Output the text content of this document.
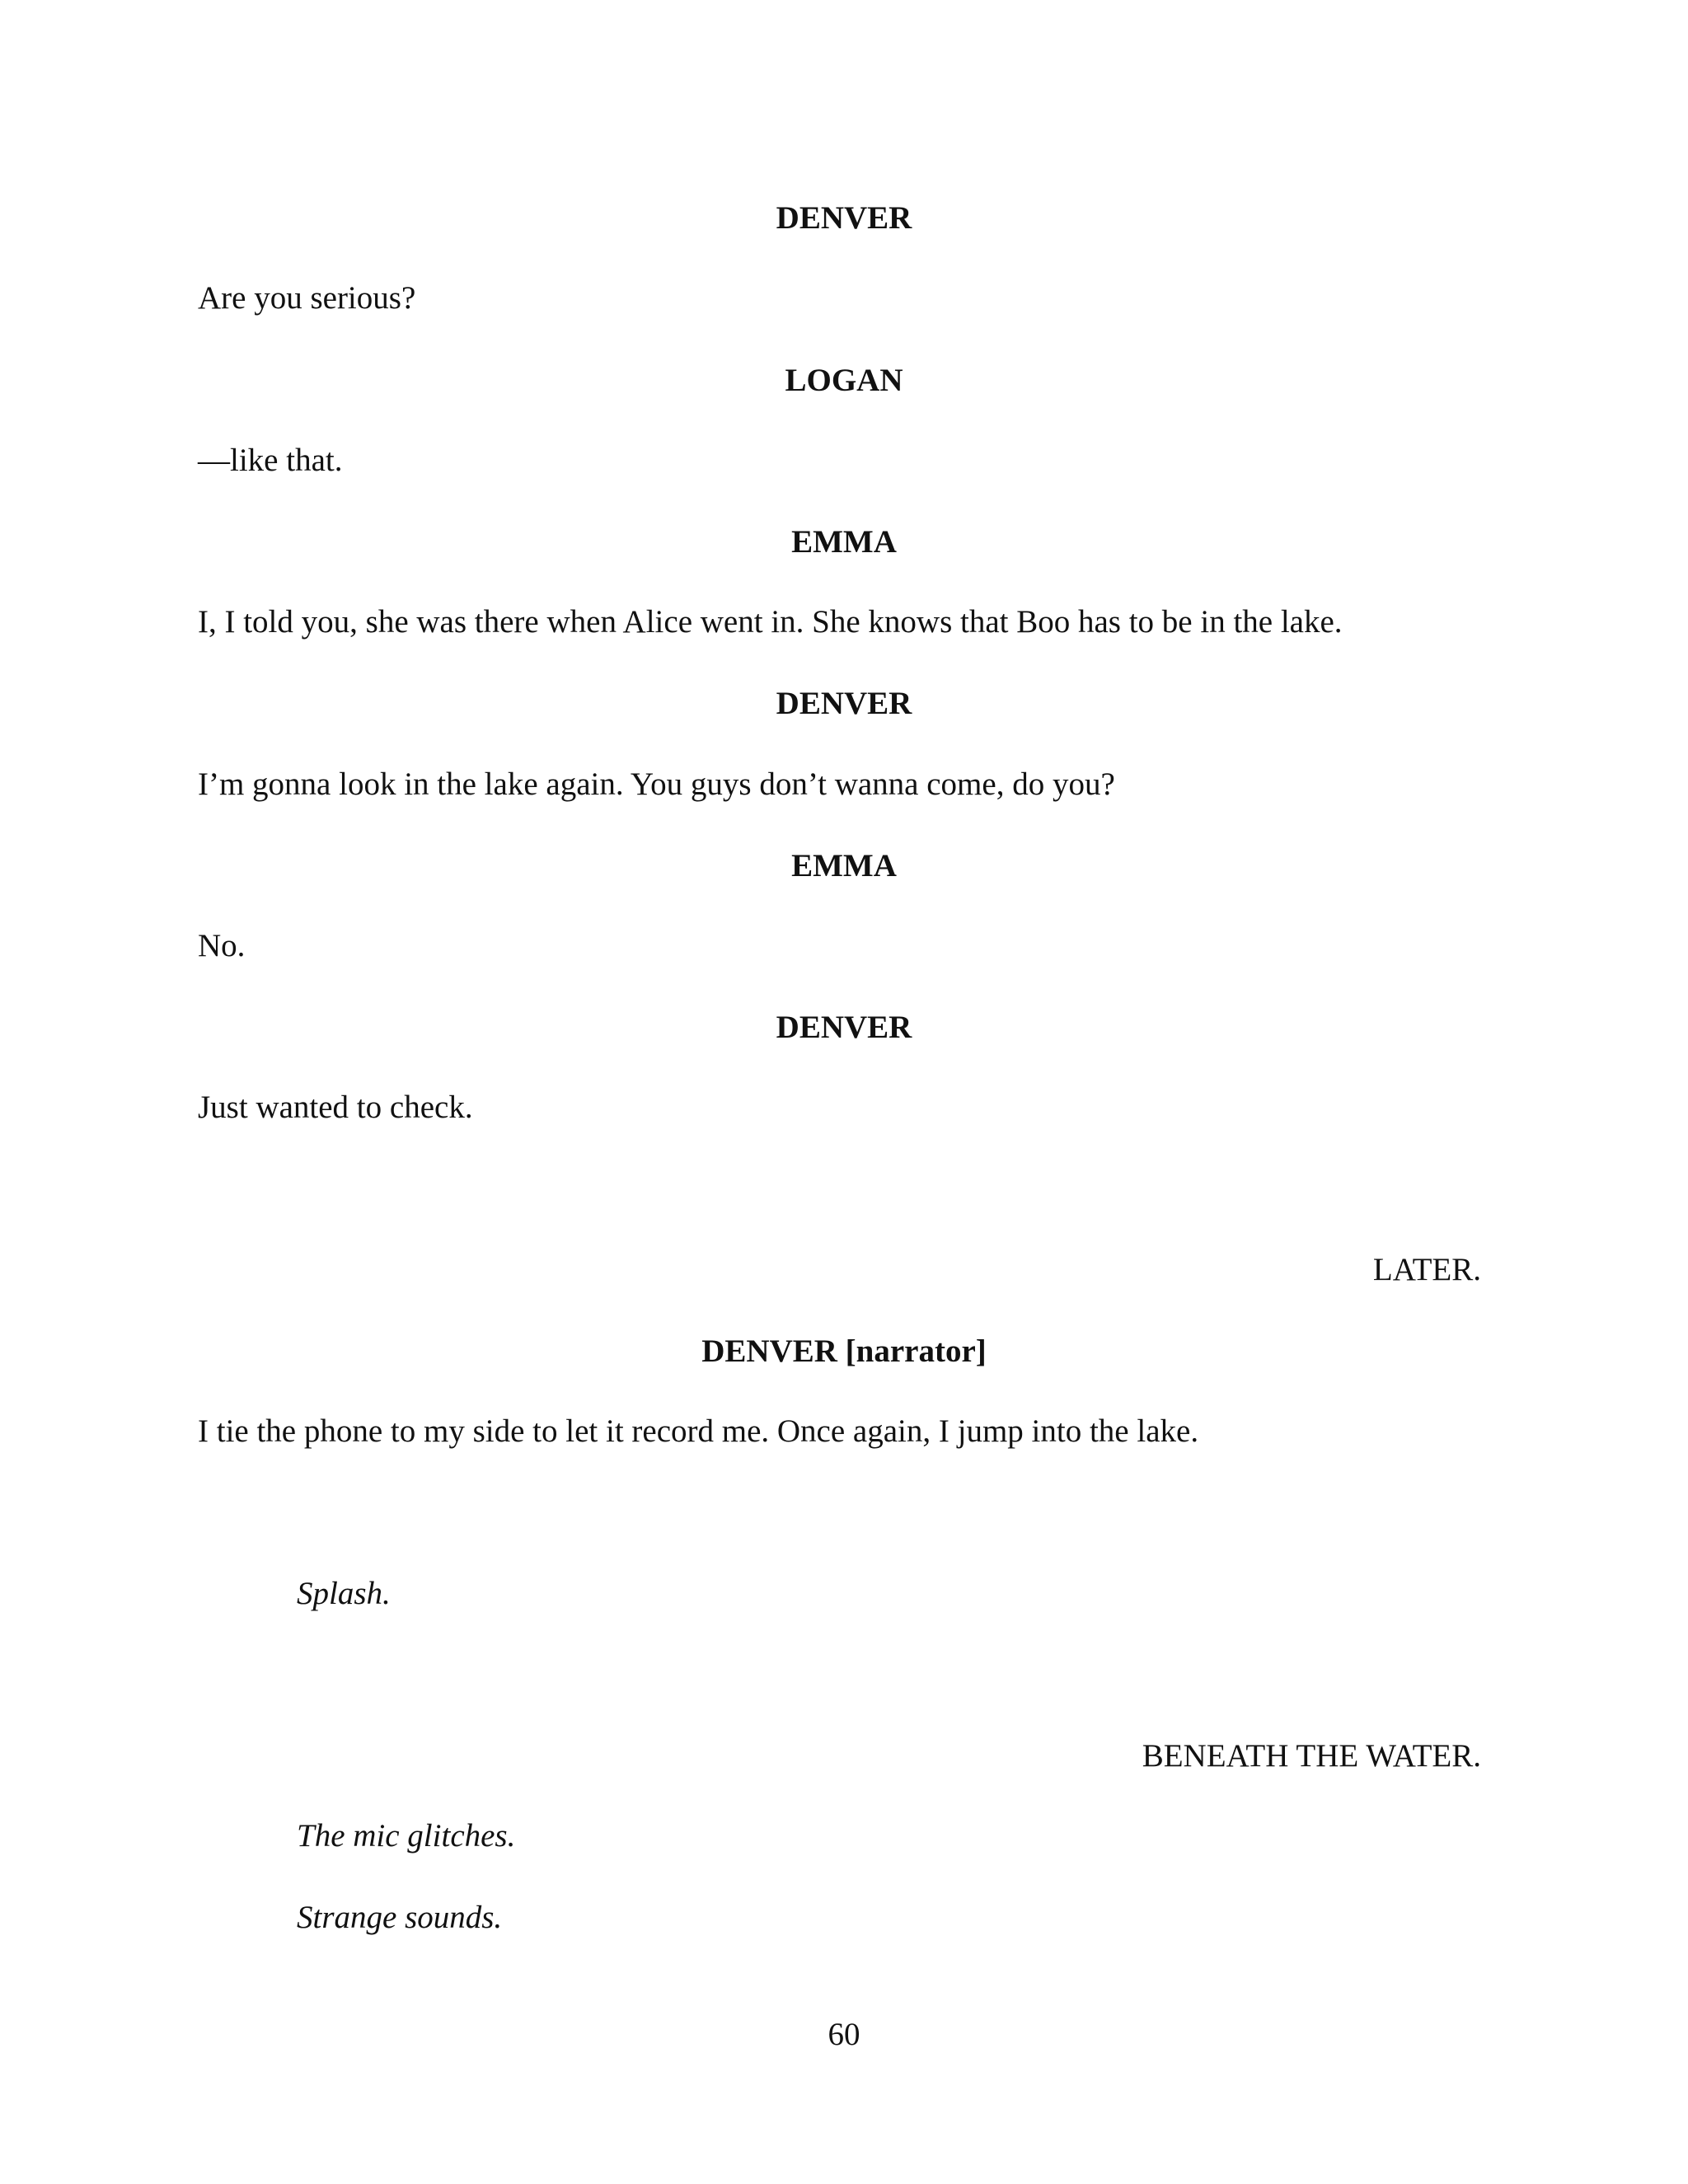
DENVER
Are you serious?
LOGAN
—like that.
EMMA
I, I told you, she was there when Alice went in. She knows that Boo has to be in the lake.
DENVER
I’m gonna look in the lake again. You guys don’t wanna come, do you?
EMMA
No.
DENVER
Just wanted to check.
LATER.
DENVER [narrator]
I tie the phone to my side to let it record me. Once again, I jump into the lake.
Splash.
BENEATH THE WATER.
The mic glitches.
Strange sounds.
60
